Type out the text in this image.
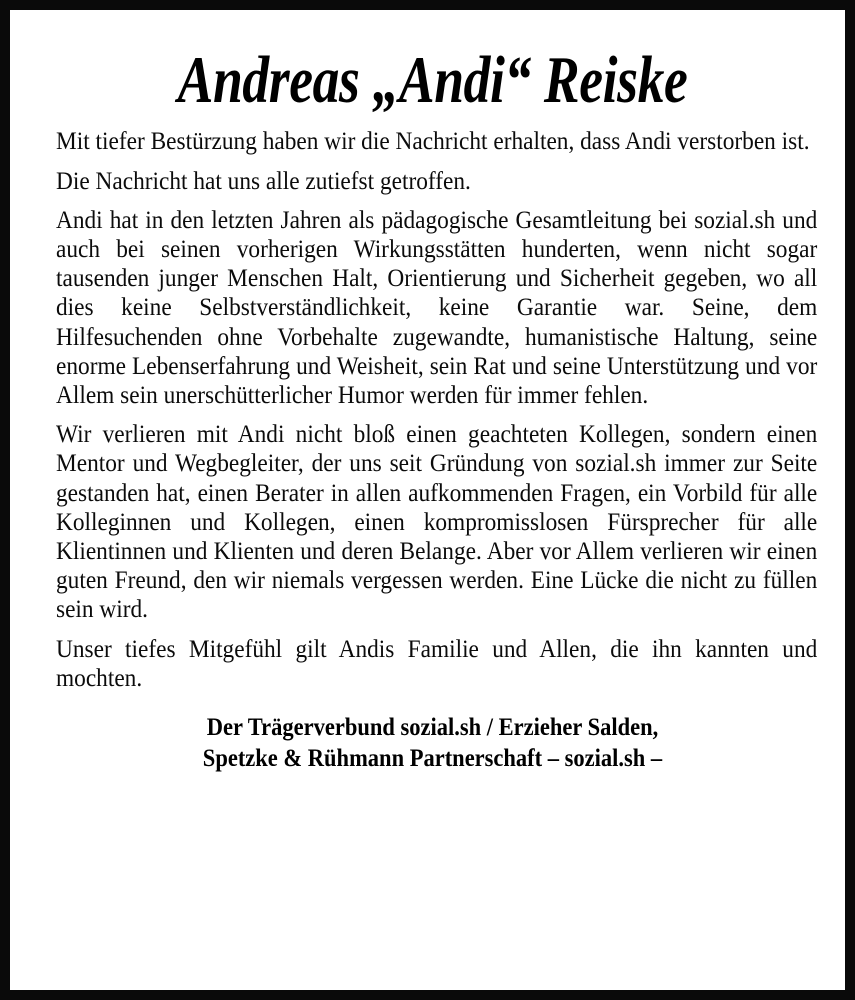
Andreas „Andi“ Reiske

Mit tiefer Bestürzung haben wir die Nachricht erhalten, dass Andi verstorben ist.

Die Nachricht hat uns alle zutiefst getroffen.

Andi hat in den letzten Jahren als pädagogische Gesamtleitung bei sozial.sh und auch bei seinen vorherigen Wirkungsstätten hunderten, wenn nicht sogar tausenden junger Menschen Halt, Orientierung und Sicherheit gegeben, wo all dies keine Selbstverständlichkeit, keine Garantie war. Seine, dem Hilfesuchenden ohne Vorbehalte zugewandte, humanistische Haltung, seine enorme Lebenserfahrung und Weisheit, sein Rat und seine Unterstützung und vor Allem sein unerschütterlicher Humor werden für immer fehlen.

Wir verlieren mit Andi nicht bloß einen geachteten Kollegen, sondern einen Mentor und Wegbegleiter, der uns seit Gründung von sozial.sh immer zur Seite gestanden hat, einen Berater in allen aufkommenden Fragen, ein Vorbild für alle Kolleginnen und Kollegen, einen kompromisslosen Fürsprecher für alle Klientinnen und Klienten und deren Belange. Aber vor Allem verlieren wir einen guten Freund, den wir niemals vergessen werden. Eine Lücke die nicht zu füllen sein wird.

Unser tiefes Mitgefühl gilt Andis Familie und Allen, die ihn kannten und mochten.

Der Trägerverbund sozial.sh / Erzieher Salden,

Spetzke & Rühmann Partnerschaft – sozial.sh –
